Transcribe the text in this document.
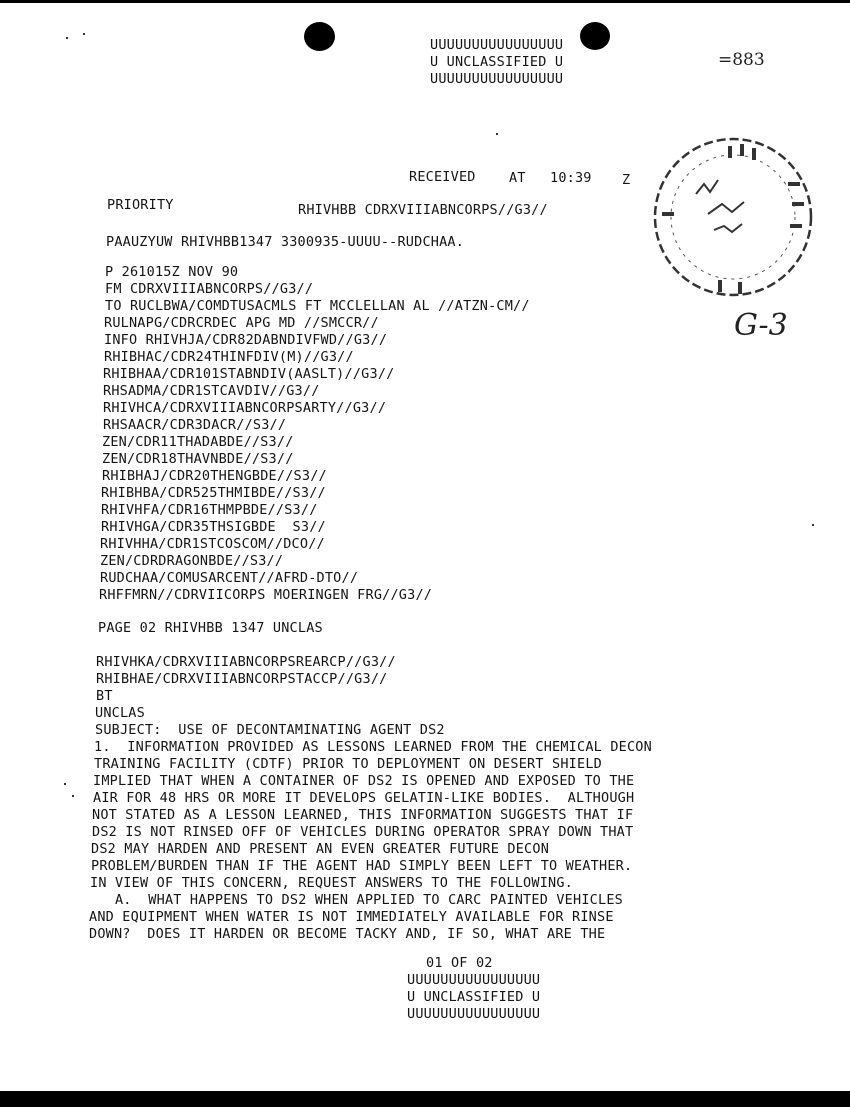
UUUUUUUUUUUUUUUU
U UNCLASSIFIED U
UUUUUUUUUUUUUUUU
=883
G-3
RECEIVED AT 10:39 Z
PRIORITY	RHIVHBB CDRXVIIIABNCORPS//G3//
PAAUZYUW RHIVHBB1347 3300935-UUUU--RUDCHAA.
P 261015Z NOV 90
FM CDRXVIIIABNCORPS//G3//
TO RUCLBWA/COMDTUSACMLS FT MCCLELLAN AL //ATZN-CM//
RULNAPG/CDRCRDEC APG MD //SMCCR//
INFO RHIVHJA/CDR82DABNDIVFWD//G3//
RHIBHAC/CDR24THINFDIV(M)//G3//
RHIBHAA/CDR101STABNDIV(AASLT)//G3//
RHSADMA/CDR1STCAVDIV//G3//
RHIVHCA/CDRXVIIIABNCORPSARTY//G3//
RHSAACR/CDR3DACR//S3//
ZEN/CDR11THADABDE//S3//
ZEN/CDR18THAVNBDE//S3//
RHIBHAJ/CDR20THENGBDE//S3//
RHIBHBA/CDR525THMIBDE//S3//
RHIVHFA/CDR16THMPBDE//S3//
RHIVHGA/CDR35THSIGBDE  S3//
RHIVHHA/CDR1STCOSCOM//DCO//
ZEN/CDRDRAGONBDE//S3//
RUDCHAA/COMUSARCENT//AFRD-DTO//
RHFFMRN//CDRVIICORPS MOERINGEN FRG//G3//
PAGE 02 RHIVHBB 1347 UNCLAS
RHIVHKA/CDRXVIIIABNCORPSREARCP//G3//
RHIBHAE/CDRXVIIIABNCORPSTACCP//G3//
BT
UNCLAS
SUBJECT:  USE OF DECONTAMINATING AGENT DS2
1.  INFORMATION PROVIDED AS LESSONS LEARNED FROM THE CHEMICAL DECON
TRAINING FACILITY (CDTF) PRIOR TO DEPLOYMENT ON DESERT SHIELD
IMPLIED THAT WHEN A CONTAINER OF DS2 IS OPENED AND EXPOSED TO THE
AIR FOR 48 HRS OR MORE IT DEVELOPS GELATIN-LIKE BODIES.  ALTHOUGH
NOT STATED AS A LESSON LEARNED, THIS INFORMATION SUGGESTS THAT IF
DS2 IS NOT RINSED OFF OF VEHICLES DURING OPERATOR SPRAY DOWN THAT
DS2 MAY HARDEN AND PRESENT AN EVEN GREATER FUTURE DECON
PROBLEM/BURDEN THAN IF THE AGENT HAD SIMPLY BEEN LEFT TO WEATHER.
IN VIEW OF THIS CONCERN, REQUEST ANSWERS TO THE FOLLOWING.
A.  WHAT HAPPENS TO DS2 WHEN APPLIED TO CARC PAINTED VEHICLES
AND EQUIPMENT WHEN WATER IS NOT IMMEDIATELY AVAILABLE FOR RINSE
DOWN?  DOES IT HARDEN OR BECOME TACKY AND, IF SO, WHAT ARE THE
01 OF 02
UUUUUUUUUUUUUUUU
U UNCLASSIFIED U
UUUUUUUUUUUUUUUU
